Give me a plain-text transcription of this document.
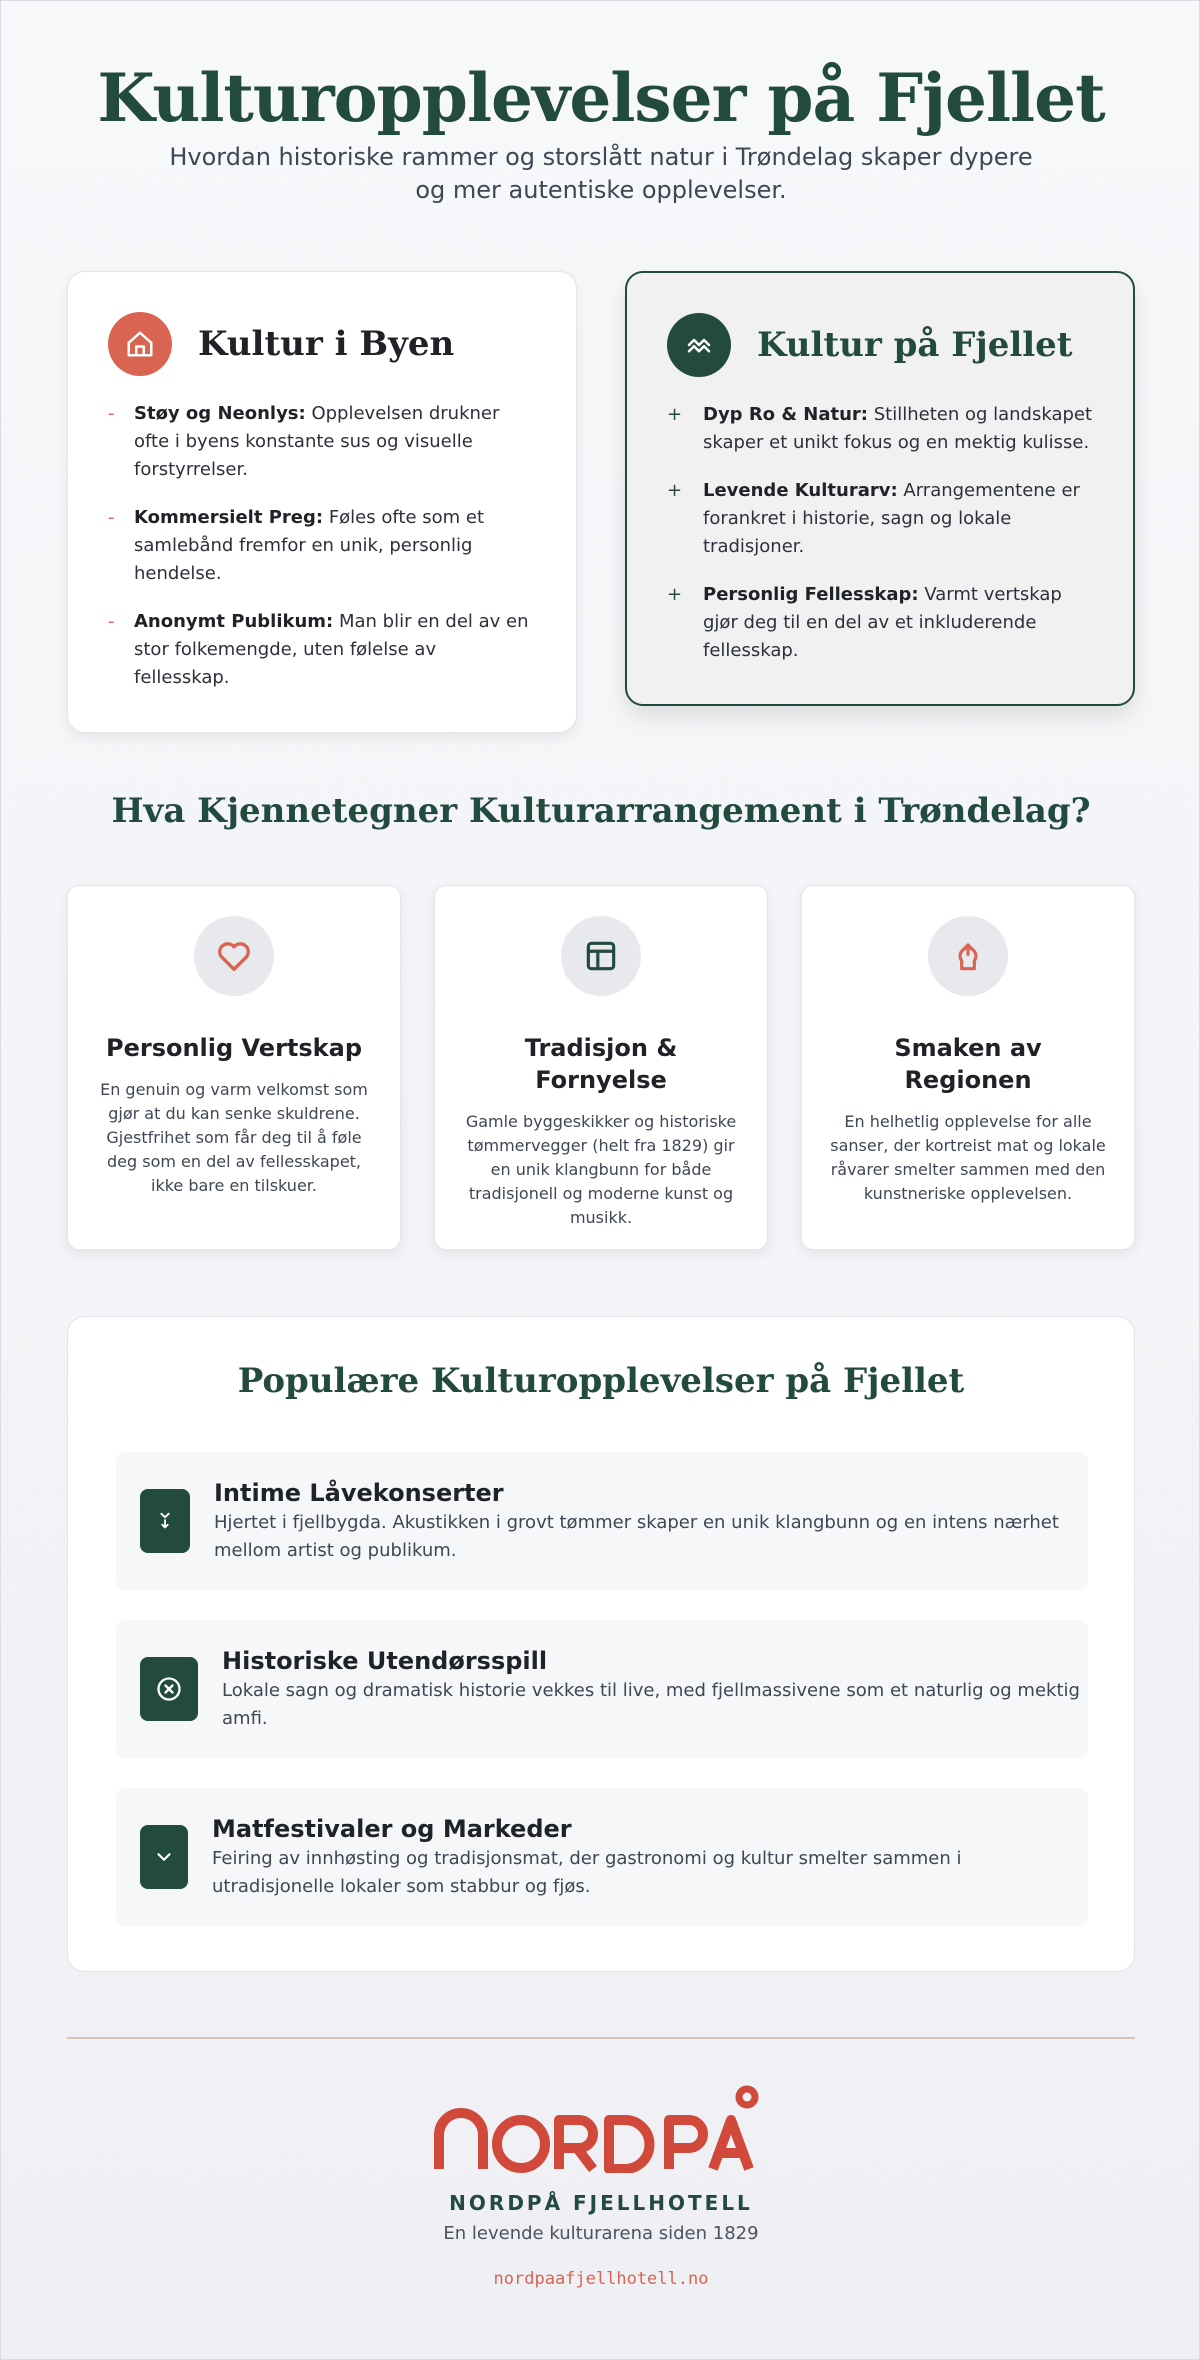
Kulturopplevelser på Fjellet

Hvordan historiske rammer og storslått natur i Trøndelag skaper dypere og mer autentiske opplevelser.

Kultur i Byen
- Støy og Neonlys: Opplevelsen drukner ofte i byens konstante sus og visuelle forstyrrelser.
- Kommersielt Preg: Føles ofte som et samlebånd fremfor en unik, personlig hendelse.
- Anonymt Publikum: Man blir en del av en stor folkemengde, uten følelse av fellesskap.
Kultur på Fjellet
+ Dyp Ro & Natur: Stillheten og landskapet skaper et unikt fokus og en mektig kulisse.
+ Levende Kulturarv: Arrangementene er forankret i historie, sagn og lokale tradisjoner.
+ Personlig Fellesskap: Varmt vertskap gjør deg til en del av et inkluderende fellesskap.
Hva Kjennetegner Kulturarrangement i Trøndelag?
Personlig Vertskap

En genuin og varm velkomst som gjør at du kan senke skuldrene. Gjestfrihet som får deg til å føle deg som en del av fellesskapet, ikke bare en tilskuer.

Tradisjon & Fornyelse

Gamle byggeskikker og historiske tømmervegger (helt fra 1829) gir en unik klangbunn for både tradisjonell og moderne kunst og musikk.

Smaken av Regionen

En helhetlig opplevelse for alle sanser, der kortreist mat og lokale råvarer smelter sammen med den kunstneriske opplevelsen.

Populære Kulturopplevelser på Fjellet
Intime Låvekonserter
Hjertet i fjellbygda. Akustikken i grovt tømmer skaper en unik klangbunn og en intens nærhet mellom artist og publikum.
Historiske Utendørsspill
Lokale sagn og dramatisk historie vekkes til live, med fjellmassivene som et naturlig og mektig amfi.
Matfestivaler og Markeder
Feiring av innhøsting og tradisjonsmat, der gastronomi og kultur smelter sammen i utradisjonelle lokaler som stabbur og fjøs.
NORDPÅ FJELLHOTELL
En levende kulturarena siden 1829
nordpaafjellhotell.no
